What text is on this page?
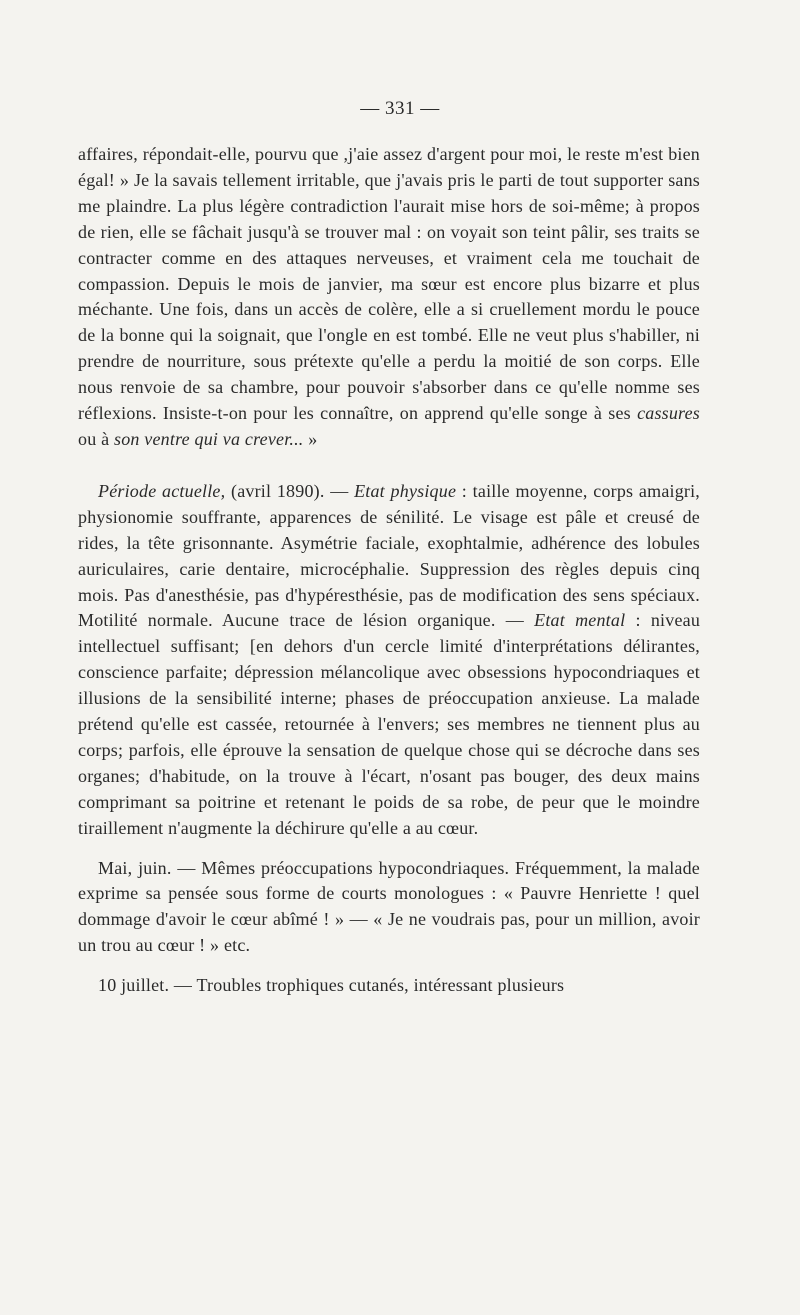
— 331 —

affaires, répondait-elle, pourvu que ,j'aie assez d'argent pour moi, le reste m'est bien égal! » Je la savais tellement irritable, que j'avais pris le parti de tout supporter sans me plaindre. La plus légère contradiction l'aurait mise hors de soi-même; à propos de rien, elle se fâchait jusqu'à se trouver mal : on voyait son teint pâlir, ses traits se contracter comme en des attaques nerveuses, et vraiment cela me touchait de compassion. Depuis le mois de janvier, ma sœur est encore plus bizarre et plus méchante. Une fois, dans un accès de colère, elle a si cruellement mordu le pouce de la bonne qui la soignait, que l'ongle en est tombé. Elle ne veut plus s'habiller, ni prendre de nourriture, sous prétexte qu'elle a perdu la moitié de son corps. Elle nous renvoie de sa chambre, pour pouvoir s'absorber dans ce qu'elle nomme ses réflexions. Insiste-t-on pour les connaître, on apprend qu'elle songe à ses cassures ou à son ventre qui va crever... »

Période actuelle, (avril 1890). — Etat physique : taille moyenne, corps amaigri, physionomie souffrante, apparences de sénilité. Le visage est pâle et creusé de rides, la tête grisonnante. Asymétrie faciale, exophtalmie, adhérence des lobules auriculaires, carie dentaire, microcéphalie. Suppression des règles depuis cinq mois. Pas d'anesthésie, pas d'hypéresthésie, pas de modification des sens spéciaux. Motilité normale. Aucune trace de lésion organique. — Etat mental : niveau intellectuel suffisant; [en dehors d'un cercle limité d'interprétations délirantes, conscience parfaite; dépression mélancolique avec obsessions hypocondriaques et illusions de la sensibilité interne; phases de préoccupation anxieuse. La malade prétend qu'elle est cassée, retournée à l'envers; ses membres ne tiennent plus au corps; parfois, elle éprouve la sensation de quelque chose qui se décroche dans ses organes; d'habitude, on la trouve à l'écart, n'osant pas bouger, des deux mains comprimant sa poitrine et retenant le poids de sa robe, de peur que le moindre tiraillement n'augmente la déchirure qu'elle a au cœur.

Mai, juin. — Mêmes préoccupations hypocondriaques. Fréquemment, la malade exprime sa pensée sous forme de courts monologues : « Pauvre Henriette ! quel dommage d'avoir le cœur abîmé ! » — « Je ne voudrais pas, pour un million, avoir un trou au cœur ! » etc.

10 juillet. — Troubles trophiques cutanés, intéressant plusieurs
